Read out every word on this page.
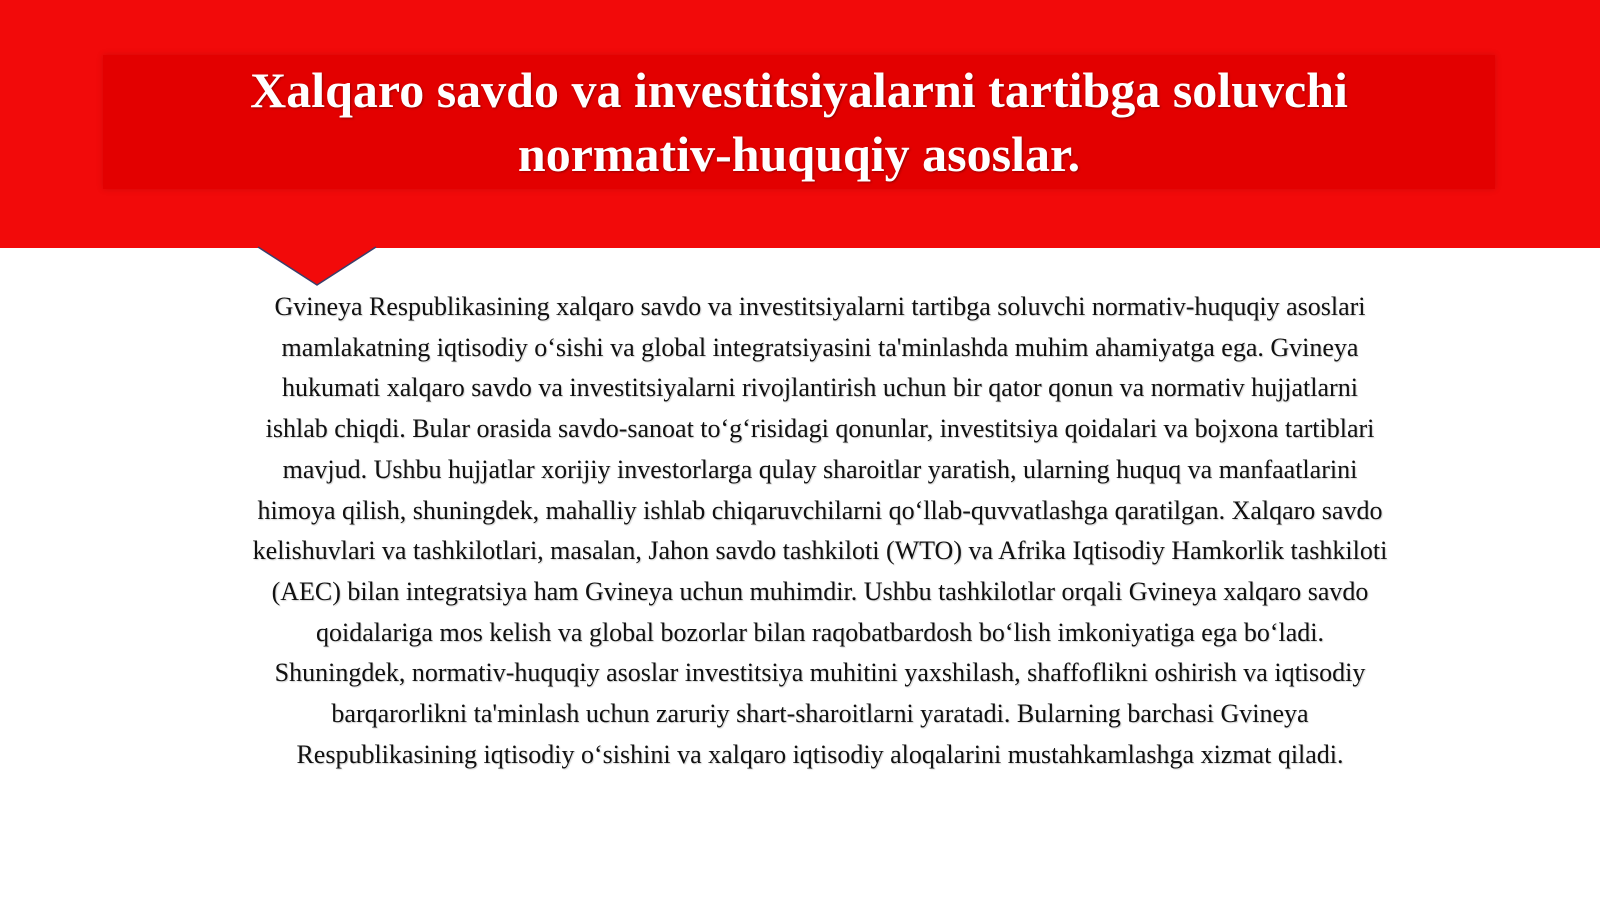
Xalqaro savdo va investitsiyalarni tartibga soluvchi
normativ-huquqiy asoslar.

Gvineya Respublikasining xalqaro savdo va investitsiyalarni tartibga soluvchi normativ-huquqiy asoslari
mamlakatning iqtisodiy o‘sishi va global integratsiyasini ta'minlashda muhim ahamiyatga ega. Gvineya
hukumati xalqaro savdo va investitsiyalarni rivojlantirish uchun bir qator qonun va normativ hujjatlarni
ishlab chiqdi. Bular orasida savdo-sanoat to‘g‘risidagi qonunlar, investitsiya qoidalari va bojxona tartiblari
mavjud. Ushbu hujjatlar xorijiy investorlarga qulay sharoitlar yaratish, ularning huquq va manfaatlarini
himoya qilish, shuningdek, mahalliy ishlab chiqaruvchilarni qo‘llab-quvvatlashga qaratilgan. Xalqaro savdo
kelishuvlari va tashkilotlari, masalan, Jahon savdo tashkiloti (WTO) va Afrika Iqtisodiy Hamkorlik tashkiloti
(AEC) bilan integratsiya ham Gvineya uchun muhimdir. Ushbu tashkilotlar orqali Gvineya xalqaro savdo
qoidalariga mos kelish va global bozorlar bilan raqobatbardosh bo‘lish imkoniyatiga ega bo‘ladi.
Shuningdek, normativ-huquqiy asoslar investitsiya muhitini yaxshilash, shaffoflikni oshirish va iqtisodiy
barqarorlikni ta'minlash uchun zaruriy shart-sharoitlarni yaratadi. Bularning barchasi Gvineya
Respublikasining iqtisodiy o‘sishini va xalqaro iqtisodiy aloqalarini mustahkamlashga xizmat qiladi.
